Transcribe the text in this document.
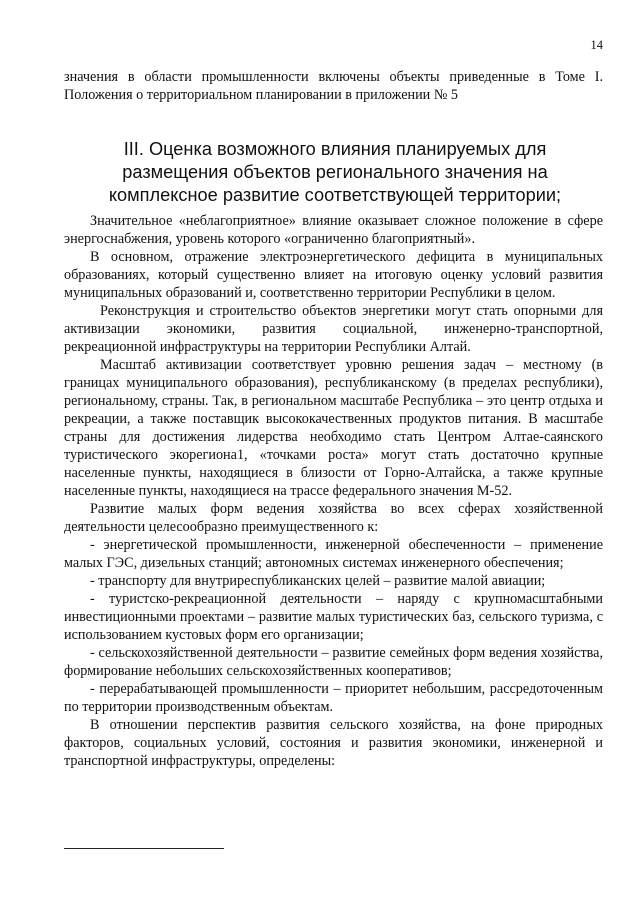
14
значения в области промышленности включены объекты приведенные в Томе I. Положения о территориальном планировании в приложении № 5
III. Оценка возможного влияния планируемых для размещения объектов регионального значения на комплексное развитие соответствующей территории;

Значительное «неблагоприятное» влияние оказывает сложное положение в сфере энергоснабжения, уровень которого «ограниченно благоприятный».

В основном, отражение электроэнергетического дефицита в муниципальных образованиях, который существенно влияет на итоговую оценку условий развития муниципальных образований и, соответственно территории Республики в целом.

Реконструкция и строительство объектов энергетики могут стать опорными для активизации экономики, развития социальной, инженерно-транспортной, рекреационной инфраструктуры на территории Республики Алтай.

Масштаб активизации соответствует уровню решения задач – местному (в границах муниципального образования), республиканскому (в пределах республики), региональному, страны. Так, в региональном масштабе Республика – это центр отдыха и рекреации, а также поставщик высококачественных продуктов питания. В масштабе страны для достижения лидерства необходимо стать Центром Алтае-саянского туристического экорегиона1, «точками роста» могут стать достаточно крупные населенные пункты, находящиеся в близости от Горно-Алтайска, а также крупные населенные пункты, находящиеся на трассе федерального значения М-52.

Развитие малых форм ведения хозяйства во всех сферах хозяйственной деятельности целесообразно преимущественного к:

- энергетической промышленности, инженерной обеспеченности – применение малых ГЭС, дизельных станций; автономных системах инженерного обеспечения;

- транспорту для внутриреспубликанских целей – развитие малой авиации;

- туристско-рекреационной деятельности – наряду с крупномасштабными инвестиционными проектами – развитие малых туристических баз, сельского туризма, с использованием кустовых форм его организации;

- сельскохозяйственной деятельности – развитие семейных форм ведения хозяйства, формирование небольших сельскохозяйственных кооперативов;

- перерабатывающей промышленности – приоритет небольшим, рассредоточенным по территории производственным объектам.

В отношении перспектив развития сельского хозяйства, на фоне природных факторов, социальных условий, состояния и развития экономики, инженерной и транспортной инфраструктуры, определены:
